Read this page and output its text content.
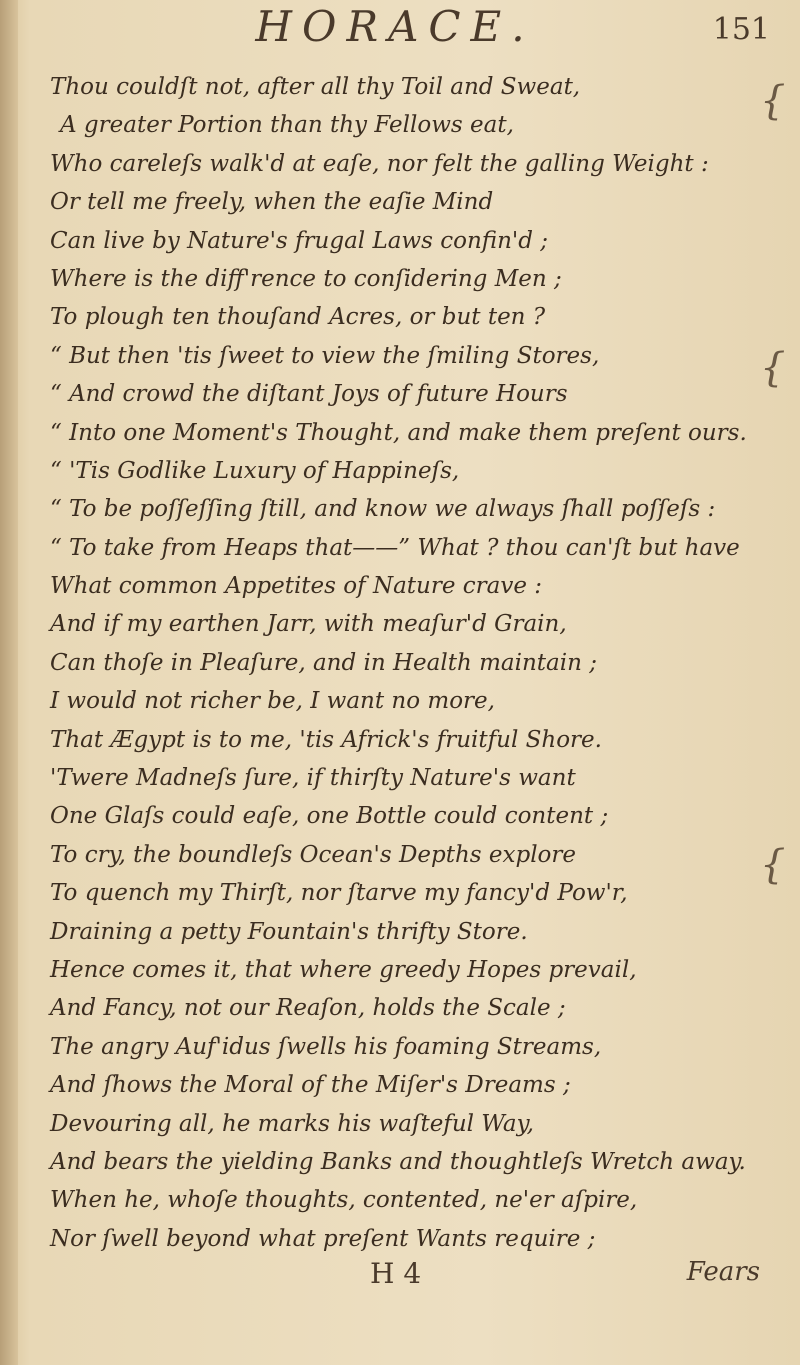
HORACE.	151
Thou couldſt not, after all thy Toil and Sweat,
A greater Portion than thy Fellows eat,
Who careleſs walk'd at eaſe, nor felt the galling Weight :
Or tell me freely, when the eaſie Mind
Can live by Nature's frugal Laws confin'd ;
Where is the diff'rence to conſidering Men ;
To plough ten thouſand Acres, or but ten ?
“ But then 'tis ſweet to view the ſmiling Stores,
“ And crowd the diſtant Joys of future Hours
“ Into one Moment's Thought, and make them preſent ours.
“ 'Tis Godlike Luxury of Happineſs,
“ To be poſſeſſing ſtill, and know we always ſhall poſſeſs :
“ To take from Heaps that——” What ? thou can'ſt but have
What common Appetites of Nature crave :
And if my earthen Jarr, with meaſur'd Grain,
Can thoſe in Pleaſure, and in Health maintain ;
I would not richer be, I want no more,
That Ægypt is to me, 'tis Africk's fruitful Shore.
'Twere Madneſs ſure, if thirſty Nature's want
One Glaſs could eaſe, one Bottle could content ;
To cry, the boundleſs Ocean's Depths explore
To quench my Thirſt, nor ſtarve my fancy'd Pow'r,
Draining a petty Fountain's thrifty Store.
Hence comes it, that where greedy Hopes prevail,
And Fancy, not our Reaſon, holds the Scale ;
The angry Auf'idus ſwells his foaming Streams,
And ſhows the Moral of the Miſer's Dreams ;
Devouring all, he marks his waſteful Way,
And bears the yielding Banks and thoughtleſs Wretch away.
When he, whoſe thoughts, contented, ne'er aſpire,
Nor ſwell beyond what preſent Wants require ;
{
{
{
H 4	Fears
